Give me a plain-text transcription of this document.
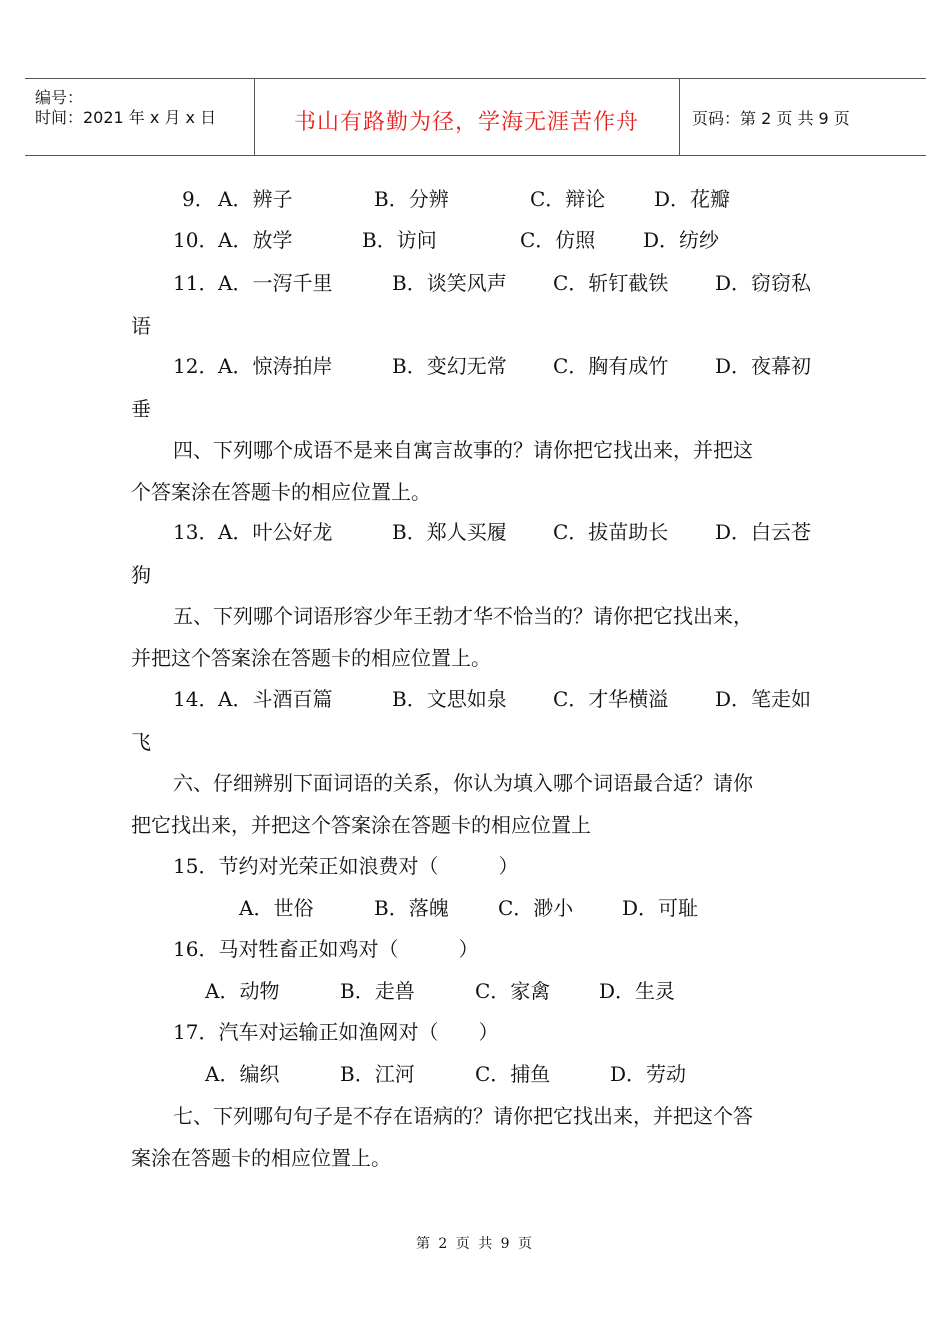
编号：
时间：2021 年 x 月 x 日	书山有路勤为径，学海无涯苦作舟	页码：第 2 页 共 9 页
9． A．辨子	B．分辨	C．辩论 D．花瓣
10． A．放学	B．访问	C．仿照 D．纺纱
11． A．一泻千里	B．谈笑风声 C．斩钉截铁 D．窃窃私
语
12． A．惊涛拍岸	B．变幻无常 C．胸有成竹 D．夜幕初
垂
四、下列哪个成语不是来自寓言故事的？请你把它找出来，并把这
个答案涂在答题卡的相应位置上。
13． A．叶公好龙	B．郑人买履 C．拔苗助长 D．白云苍
狗
五、下列哪个词语形容少年王勃才华不恰当的？请你把它找出来，
并把这个答案涂在答题卡的相应位置上。
14． A．斗酒百篇	B．文思如泉 C．才华横溢 D．笔走如
飞
六、仔细辨别下面词语的关系，你认为填入哪个词语最合适？请你
把它找出来，并把这个答案涂在答题卡的相应位置上
15．节约对光荣正如浪费对（　　　）
A．世俗	B．落魄 C．渺小 D．可耻
16．马对牲畜正如鸡对（　　　）
A．动物	B．走兽	C．家禽 D．生灵
17．汽车对运输正如渔网对（　　）
A．编织	B．江河	C．捕鱼	D．劳动
七、下列哪句句子是不存在语病的？请你把它找出来，并把这个答
案涂在答题卡的相应位置上。
第 2 页 共 9 页
